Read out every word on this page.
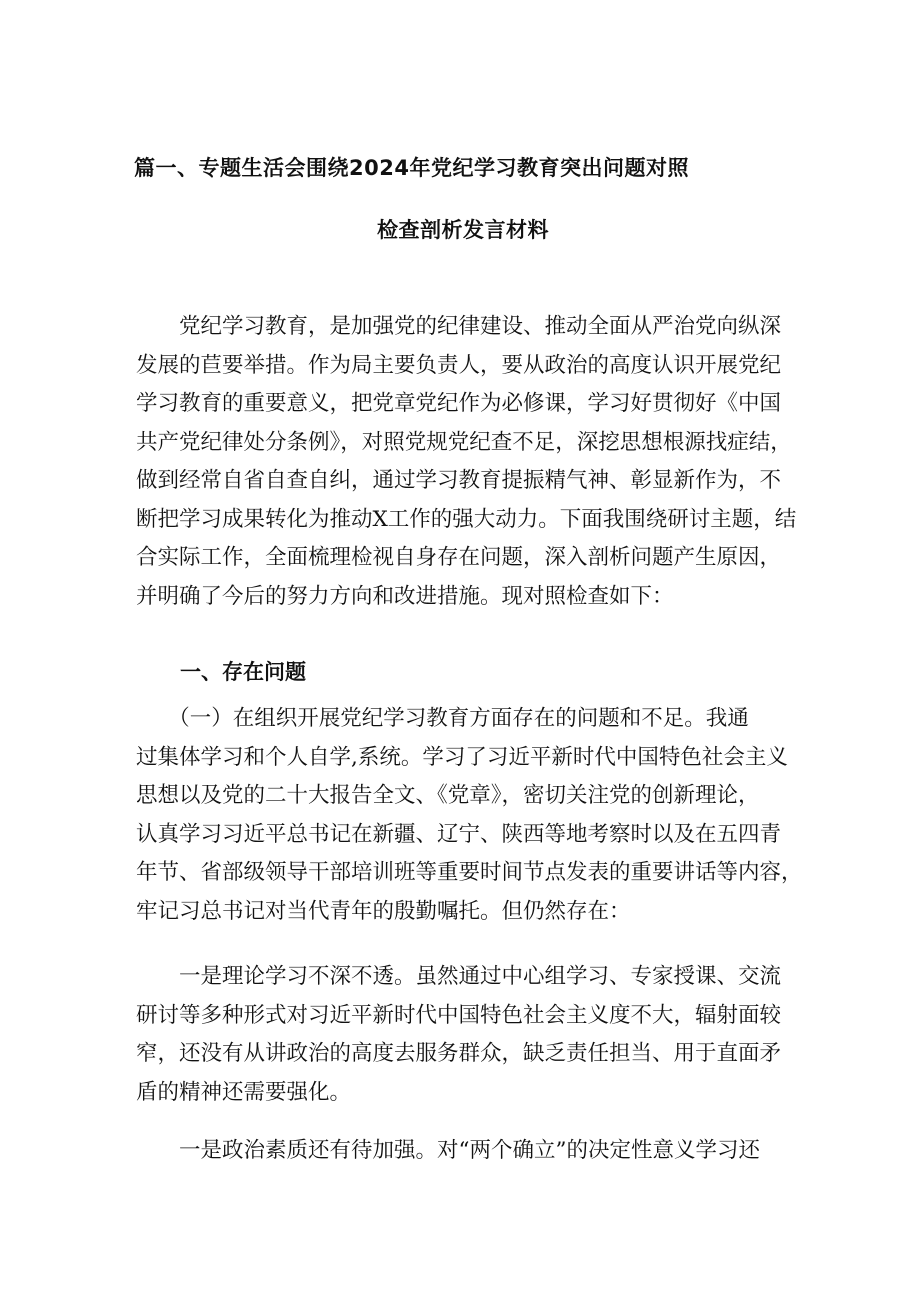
篇一、专题生活会围绕2024年党纪学习教育突出问题对照
检查剖析发言材料
　　党纪学习教育，是加强党的纪律建设、推动全面从严治党向纵深
发展的苣要举措。作为局主要负责人，要从政治的高度认识开展党纪
学习教育的重要意义，把党章党纪作为必修课，学习好贯彻好《中国
共产党纪律处分条例》，对照党规党纪查不足，深挖思想根源找症结，
做到经常自省自查自纠，通过学习教育提振精气神、彰显新作为，不
断把学习成果转化为推动X工作的强大动力。下面我围绕研讨主题，结
合实际工作，全面梳理检视自身存在问题，深入剖析问题产生原因，
并明确了今后的努力方向和改进措施。现对照检查如下：
一、存在问题
　　（一）在组织开展党纪学习教育方面存在的问题和不足。我通
过集体学习和个人自学,系统。学习了习近平新时代中国特色社会主义
思想以及党的二十大报告全文、《党章》，密切关注党的创新理论，
认真学习习近平总书记在新疆、辽宁、陕西等地考察时以及在五四青
年节、省部级领导干部培训班等重要时间节点发表的重要讲话等内容，
牢记习总书记对当代青年的殷勤嘱托。但仍然存在：
　　一是理论学习不深不透。虽然通过中心组学习、专家授课、交流
研讨等多种形式对习近平新时代中国特色社会主义度不大，辐射面较
窄，还没有从讲政治的高度去服务群众，缺乏责任担当、用于直面矛
盾的精神还需要强化。
　　一是政治素质还有待加强。对“两个确立”的决定性意义学习还
